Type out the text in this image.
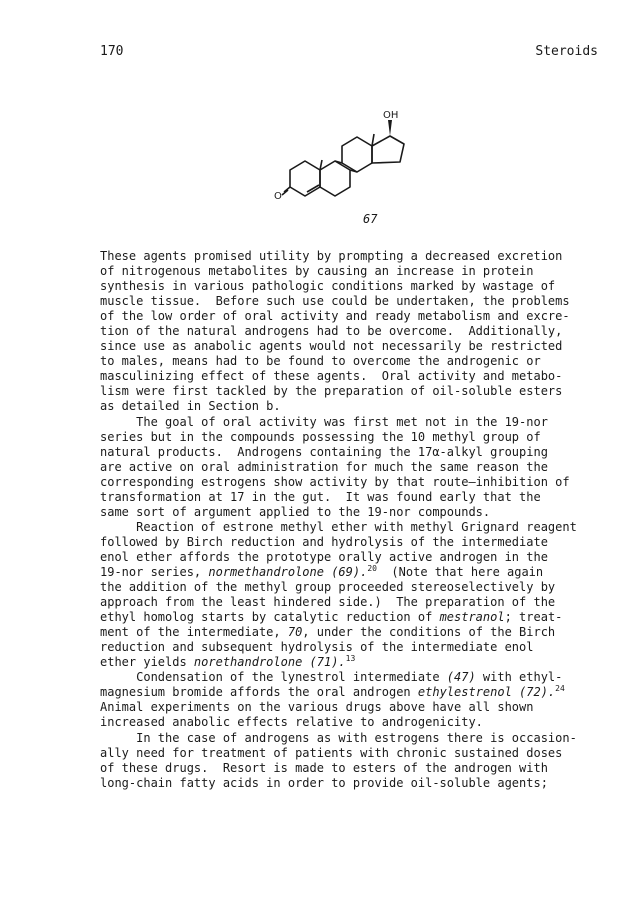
170	Steroids
OH
O
67
These agents promised utility by prompting a decreased excretion
of nitrogenous metabolites by causing an increase in protein
synthesis in various pathologic conditions marked by wastage of
muscle tissue.  Before such use could be undertaken, the problems
of the low order of oral activity and ready metabolism and excre-
tion of the natural androgens had to be overcome.  Additionally,
since use as anabolic agents would not necessarily be restricted
to males, means had to be found to overcome the androgenic or
masculinizing effect of these agents.  Oral activity and metabo-
lism were first tackled by the preparation of oil-soluble esters
as detailed in Section b.
The goal of oral activity was first met not in the 19-nor
series but in the compounds possessing the 10 methyl group of
natural products.  Androgens containing the 17α-alkyl grouping
are active on oral administration for much the same reason the
corresponding estrogens show activity by that route—inhibition of
transformation at 17 in the gut.  It was found early that the
same sort of argument applied to the 19-nor compounds.
Reaction of estrone methyl ether with methyl Grignard reagent
followed by Birch reduction and hydrolysis of the intermediate
enol ether affords the prototype orally active androgen in the
19-nor series, normethandrolone (69).$^{20}$  (Note that here again
the addition of the methyl group proceeded stereoselectively by
approach from the least hindered side.)  The preparation of the
ethyl homolog starts by catalytic reduction of mestranol; treat-
ment of the intermediate, 70, under the conditions of the Birch
reduction and subsequent hydrolysis of the intermediate enol
ether yields norethandrolone (71).$^{13}$
Condensation of the lynestrol intermediate (47) with ethyl-
magnesium bromide affords the oral androgen ethylestrenol (72).$^{24}$
Animal experiments on the various drugs above have all shown
increased anabolic effects relative to androgenicity.
In the case of androgens as with estrogens there is occasion-
ally need for treatment of patients with chronic sustained doses
of these drugs.  Resort is made to esters of the androgen with
long-chain fatty acids in order to provide oil-soluble agents;
